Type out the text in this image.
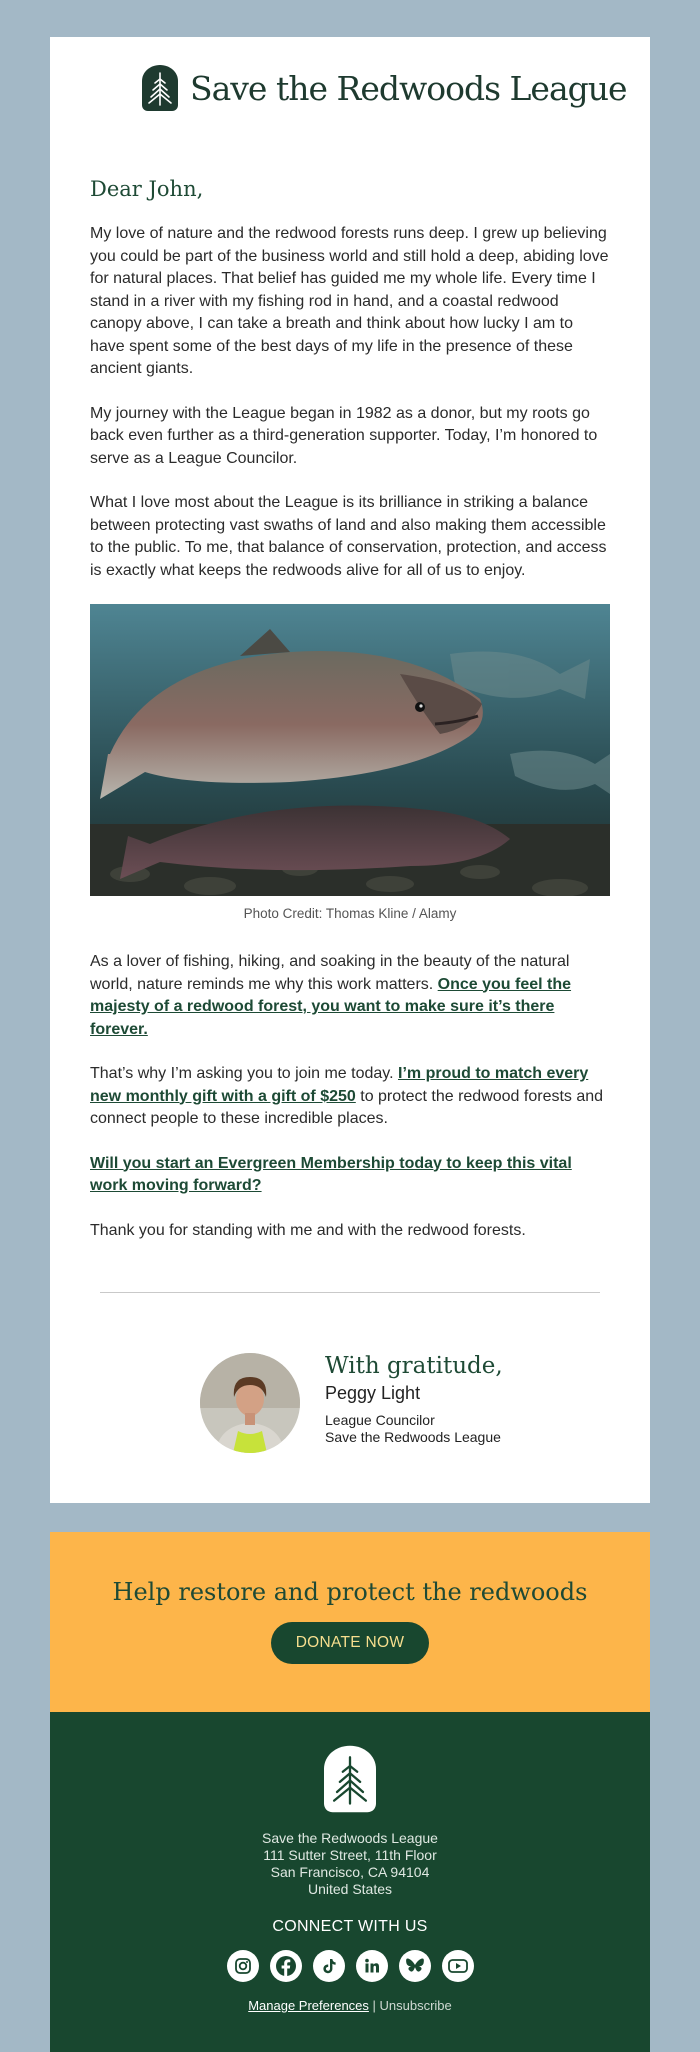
Save the Redwoods League
Dear John,

My love of nature and the redwood forests runs deep. I grew up believing you could be part of the business world and still hold a deep, abiding love for natural places. That belief has guided me my whole life. Every time I stand in a river with my fishing rod in hand, and a coastal redwood canopy above, I can take a breath and think about how lucky I am to have spent some of the best days of my life in the presence of these ancient giants.

My journey with the League began in 1982 as a donor, but my roots go back even further as a third-generation supporter. Today, I’m honored to serve as a League Councilor.

What I love most about the League is its brilliance in striking a balance between protecting vast swaths of land and also making them accessible to the public. To me, that balance of conservation, protection, and access is exactly what keeps the redwoods alive for all of us to enjoy.

Photo Credit: Thomas Kline / Alamy

As a lover of fishing, hiking, and soaking in the beauty of the natural world, nature reminds me why this work matters. Once you feel the majesty of a redwood forest, you want to make sure it’s there forever.

That’s why I’m asking you to join me today. I’m proud to match every new monthly gift with a gift of $250 to protect the redwood forests and connect people to these incredible places.

Will you start an Evergreen Membership today to keep this vital work moving forward?

Thank you for standing with me and with the redwood forests.

With gratitude,

Peggy Light

League Councilor

Save the Redwoods League

Help restore and protect the redwoods
DONATE NOW
Save the Redwoods League
111 Sutter Street, 11th Floor
San Francisco, CA 94104
United States
CONNECT WITH US
Manage Preferences | Unsubscribe
